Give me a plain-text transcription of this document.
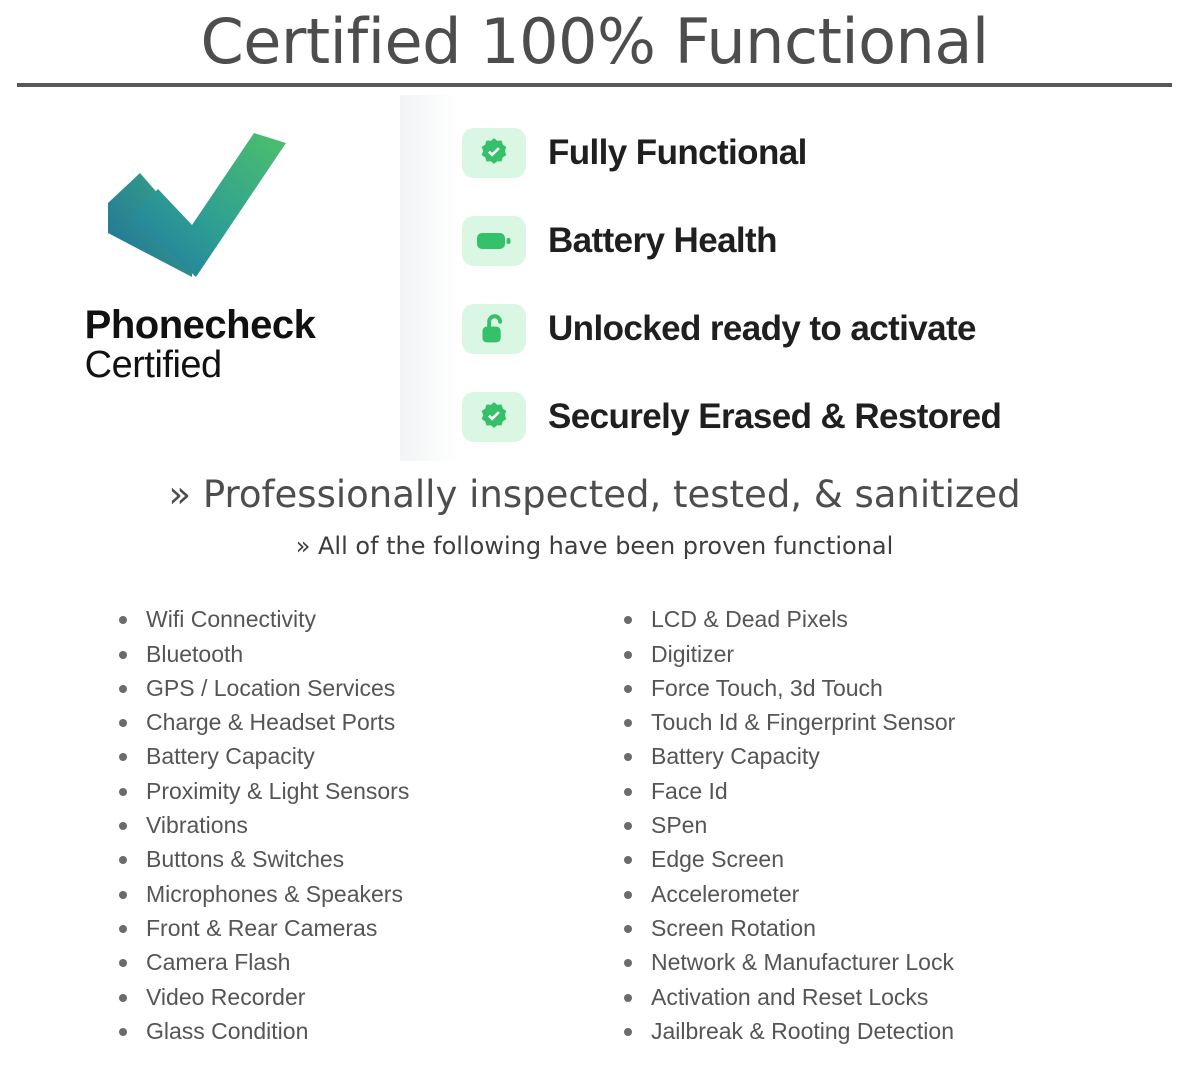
Certified 100% Functional
Phonecheck
Certified
Fully Functional
Battery Health
Unlocked ready to activate
Securely Erased & Restored
» Professionally inspected, tested, & sanitized
» All of the following have been proven functional
Wifi Connectivity
Bluetooth
GPS / Location Services
Charge & Headset Ports
Battery Capacity
Proximity & Light Sensors
Vibrations
Buttons & Switches
Microphones & Speakers
Front & Rear Cameras
Camera Flash
Video Recorder
Glass Condition
LCD & Dead Pixels
Digitizer
Force Touch, 3d Touch
Touch Id & Fingerprint Sensor
Battery Capacity
Face Id
SPen
Edge Screen
Accelerometer
Screen Rotation
Network & Manufacturer Lock
Activation and Reset Locks
Jailbreak & Rooting Detection
